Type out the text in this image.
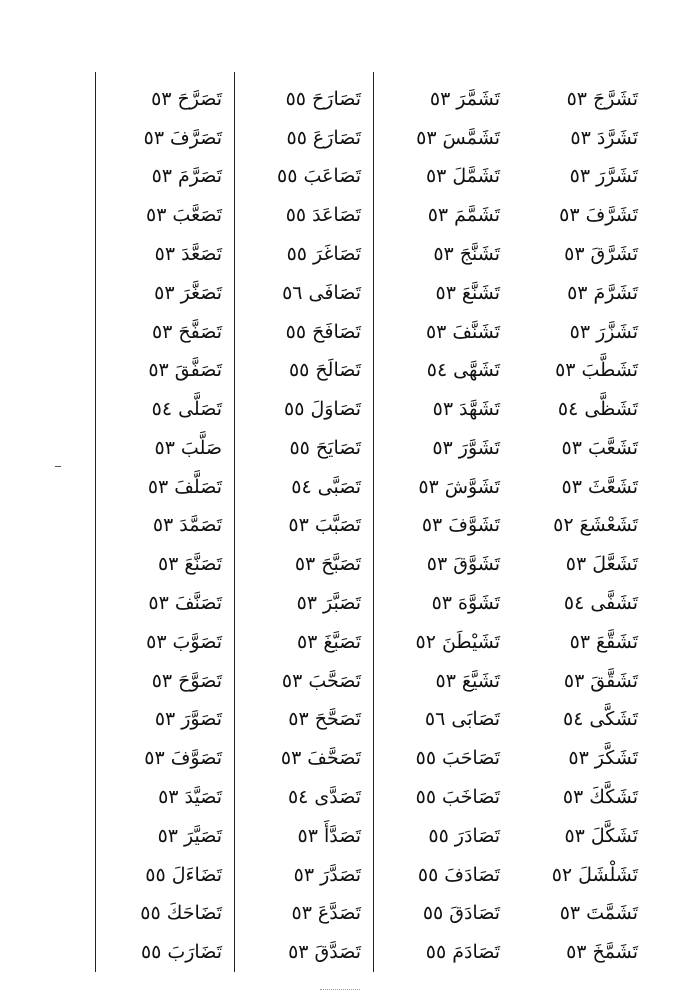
تَشَرَّجَ
٥٣
تَشَرَّدَ
٥٣
تَشَرَّرَ
٥٣
تَشَرَّفَ
٥٣
تَشَرَّقَ
٥٣
تَشَرَّمَ
٥٣
تَشَزَّرَ
٥٣
تَشَطَّبَ
٥٣
تَشَظَّى
٥٤
تَشَعَّبَ
٥٣
تَشَعَّثَ
٥٣
تَشَعْشَعَ
٥٢
تَشَعَّلَ
٥٣
تَشَفَّى
٥٤
تَشَقَّعَ
٥٣
تَشَقَّقَ
٥٣
تَشَكَّى
٥٤
تَشَكَّرَ
٥٣
تَشَكَّكَ
٥٣
تَشَكَّلَ
٥٣
تَشَلْشَلَ
٥٢
تَشَمَّتَ
٥٣
تَشَمَّخَ
٥٣
تَشَمَّرَ
٥٣
تَشَمَّسَ
٥٣
تَشَمَّلَ
٥٣
تَشَمَّمَ
٥٣
تَشَنَّجَ
٥٣
تَشَنَّعَ
٥٣
تَشَنَّفَ
٥٣
تَشَهَّى
٥٤
تَشَهَّدَ
٥٣
تَشَوَّرَ
٥٣
تَشَوَّشَ
٥٣
تَشَوَّفَ
٥٣
تَشَوَّقَ
٥٣
تَشَوَّهَ
٥٣
تَشَيْطَنَ
٥٢
تَشَيَّعَ
٥٣
تَصَابَى
٥٦
تَصَاحَبَ
٥٥
تَصَاخَبَ
٥٥
تَصَادَرَ
٥٥
تَصَادَفَ
٥٥
تَصَادَقَ
٥٥
تَصَادَمَ
٥٥
تَصَارَحَ
٥٥
تَصَارَعَ
٥٥
تَصَاعَبَ
٥٥
تَصَاعَدَ
٥٥
تَصَاغَرَ
٥٥
تَصَافَى
٥٦
تَصَافَحَ
٥٥
تَصَالَحَ
٥٥
تَصَاوَلَ
٥٥
تَصَايَحَ
٥٥
تَصَبَّى
٥٤
تَصَبَّبَ
٥٣
تَصَبَّحَ
٥٣
تَصَبَّرَ
٥٣
تَصَبَّغَ
٥٣
تَصَحَّبَ
٥٣
تَصَحَّحَ
٥٣
تَصَحَّفَ
٥٣
تَصَدَّى
٥٤
تَصَدَّأَ
٥٣
تَصَدَّرَ
٥٣
تَصَدَّعَ
٥٣
تَصَدَّقَ
٥٣
تَصَرَّحَ
٥٣
تَصَرَّفَ
٥٣
تَصَرَّمَ
٥٣
تَصَعَّبَ
٥٣
تَصَعَّدَ
٥٣
تَصَغَّرَ
٥٣
تَصَفَّحَ
٥٣
تَصَفَّقَ
٥٣
تَصَلَّى
٥٤
صَلَّبَ
٥٣
تَصَلَّفَ
٥٣
تَصَمَّدَ
٥٣
تَصَنَّعَ
٥٣
تَصَنَّفَ
٥٣
تَصَوَّبَ
٥٣
تَصَوَّحَ
٥٣
تَصَوَّرَ
٥٣
تَصَوَّفَ
٥٣
تَصَيَّدَ
٥٣
تَصَيَّرَ
٥٣
تَضَاءَلَ
٥٥
تَضَاحَكَ
٥٥
تَضَارَبَ
٥٥
